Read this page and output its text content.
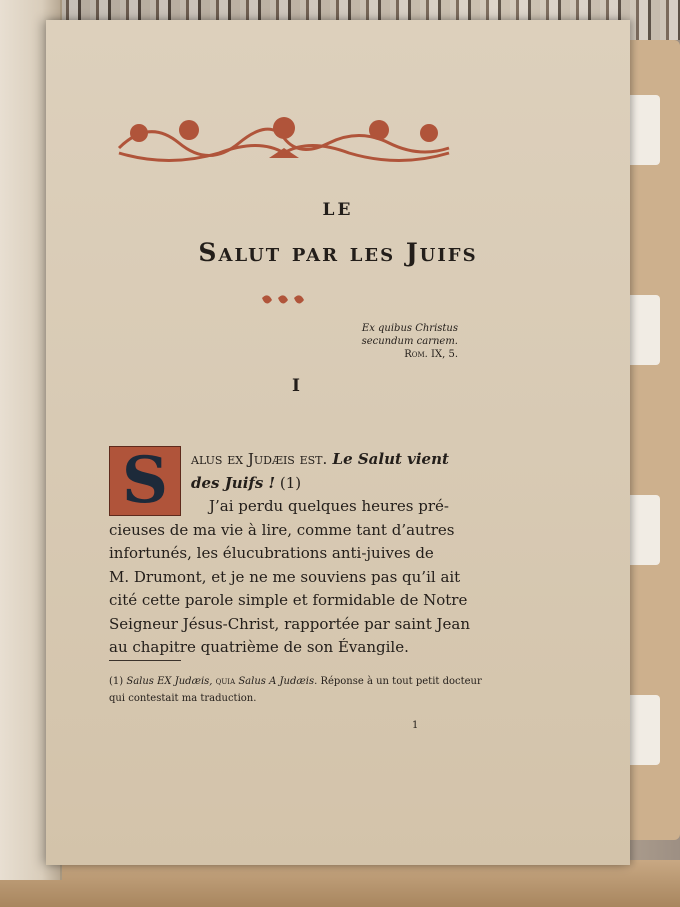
LE
Salut par les Juifs
Ex quibus Christus
secundum carnem.
Rom. IX, 5.
I
S	alus ex Judæis est. Le Salut vient
des Juifs ! (1)
J’ai perdu quelques heures pré-
cieuses de ma vie à lire, comme tant d’autres
infortunés, les élucubrations anti-juives de
M. Drumont, et je ne me souviens pas qu’il ait
cité cette parole simple et formidable de Notre
Seigneur Jésus-Christ, rapportée par saint Jean
au chapitre quatrième de son Évangile.
(1) Salus EX Judæis, quia Salus A Judæis. Réponse à un tout petit docteur qui contestait ma traduction.
1
